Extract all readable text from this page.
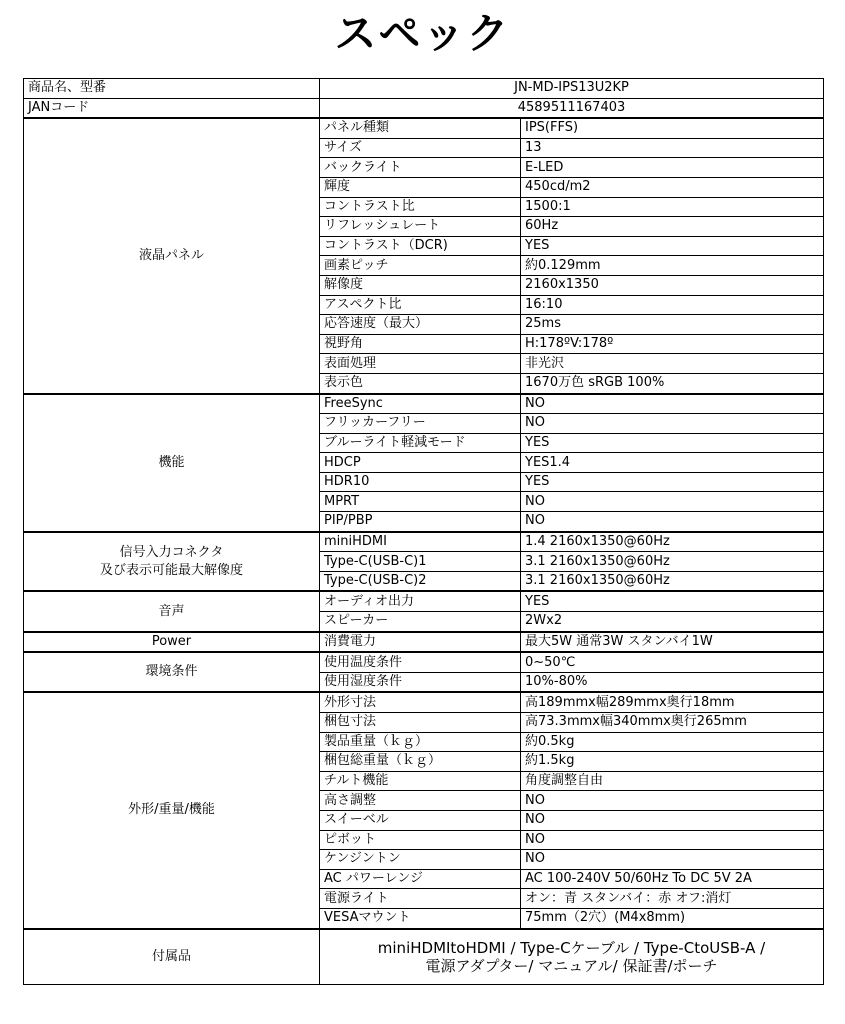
スペック
商品名、型番	JN-MD-IPS13U2KP	
JANコード	4589511167403	

液晶パネル	パネル種類	IPS(FFS)
	サイズ	13
	バックライト	E-LED
	輝度	450cd/m2
	コントラスト比	1500:1
	リフレッシュレート	60Hz
	コントラスト（DCR)	YES
	画素ピッチ	約0.129mm
	解像度	2160x1350
	アスペクト比	16:10
	応答速度（最大）	25ms
	視野角	H:178ºV:178º
	表面処理	非光沢
	表示色	1670万色 sRGB 100%

機能	FreeSync	NO
	フリッカーフリー	NO
	ブルーライト軽減モード	YES
	HDCP	YES1.4
	HDR10	YES
	MPRT	NO
	PIP/PBP	NO

信号入力コネクタ
及び表示可能最大解像度	miniHDMI	1.4 2160x1350@60Hz
	Type-C(USB-C)1	3.1 2160x1350@60Hz
	Type-C(USB-C)2	3.1 2160x1350@60Hz

音声	オーディオ出力	YES
	スピーカー	2Wx2

Power	消費電力	最大5W 通常3W スタンバイ1W

環境条件	使用温度条件	0~50℃
	使用湿度条件	10%-80%

外形/重量/機能	外形寸法	高189mmx幅289mmx奥行18mm
	梱包寸法	高73.3mmx幅340mmx奥行265mm
	製品重量（ｋｇ）	約0.5kg
	梱包総重量（ｋｇ）	約1.5kg
	チルト機能	角度調整自由
	高さ調整	NO
	スイーベル	NO
	ピボット	NO
	ケンジントン	NO
	AC パワーレンジ	AC 100-240V 50/60Hz To DC 5V 2A
	電源ライト	オン：青 スタンバイ：赤 オフ:消灯
	VESAマウント	75mm（2穴）(M4x8mm)
付属品	miniHDMItoHDMI / Type-Cケーブル / Type-CtoUSB-A /
電源アダプター/ マニュアル/ 保証書/ポーチ	
